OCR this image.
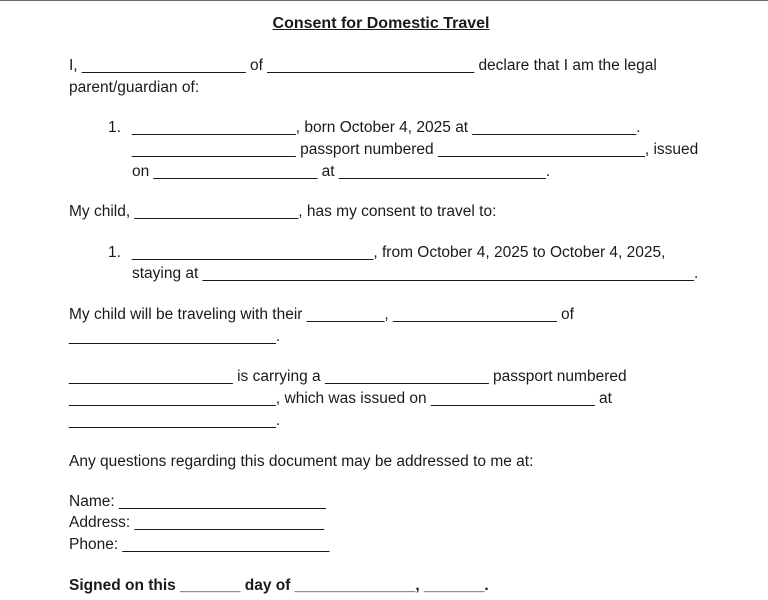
Consent for Domestic Travel
I, ___________________ of ________________________ declare that I am the legal
parent/guardian of:
1. ___________________, born October 4, 2025 at ___________________.
___________________ passport numbered ________________________, issued
on ___________________ at ________________________.
My child, ___________________, has my consent to travel to:
1. ____________________________, from October 4, 2025 to October 4, 2025,
staying at _________________________________________________________.
My child will be traveling with their _________, ___________________ of
________________________.
___________________ is carrying a ___________________ passport numbered
________________________, which was issued on ___________________ at
________________________.
Any questions regarding this document may be addressed to me at:
Name: ________________________
Address: ______________________
Phone: ________________________
Signed on this _______ day of ______________, _______.
